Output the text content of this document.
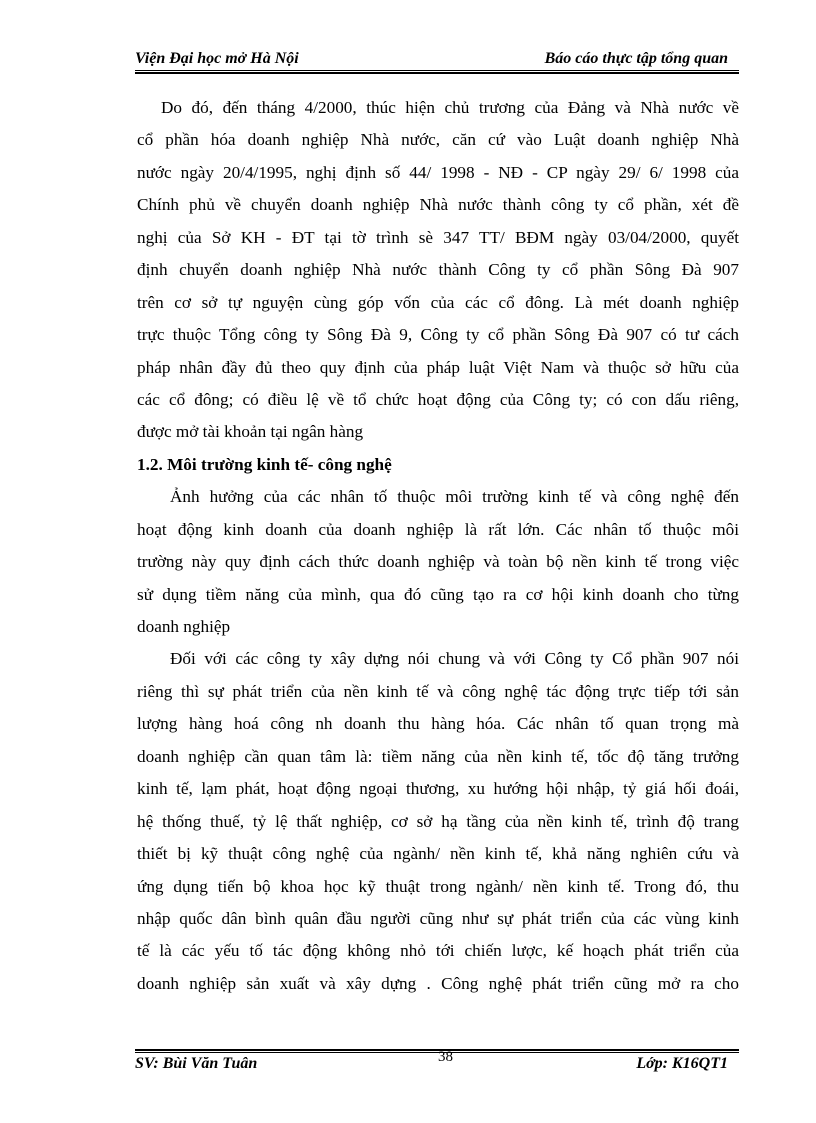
Viện Đại học mở Hà Nội	Báo cáo thực tập tổng quan
Do đó, đến tháng 4/2000, thúc hiện chủ trương của Đảng và Nhà nước về
cổ phần hóa doanh nghiệp Nhà nước, căn cứ vào Luật doanh nghiệp Nhà
nước ngày 20/4/1995, nghị định số 44/ 1998 - NĐ - CP ngày 29/ 6/ 1998 của
Chính phủ về chuyển doanh nghiệp Nhà nước thành công ty cổ phần, xét đề
nghị của Sở KH - ĐT tại tờ trình sè 347 TT/ BĐM ngày 03/04/2000, quyết
định chuyển doanh nghiệp Nhà nước thành Công ty cổ phần Sông Đà 907
trên cơ sở tự nguyện cùng góp vốn của các cổ đông. Là mét doanh nghiệp
trực thuộc Tổng công ty Sông Đà 9, Công ty cổ phần Sông Đà 907 có tư cách
pháp nhân đầy đủ theo quy định của pháp luật Việt Nam và thuộc sở hữu của
các cổ đông; có điều lệ về tổ chức hoạt động của Công ty; có con dấu riêng,
được mở tài khoản tại ngân hàng
1.2. Môi trường kinh tế- công nghệ
Ảnh hưởng của các nhân tố thuộc môi trường kinh tế và công nghệ đến
hoạt động kinh doanh của doanh nghiệp là rất lớn. Các nhân tố thuộc môi
trường này quy định cách thức doanh nghiệp và toàn bộ nền kinh tế trong việc
sử dụng tiềm năng của mình, qua đó cũng tạo ra cơ hội kinh doanh cho từng
doanh nghiệp
Đối với các công ty xây dựng nói chung và với Công ty Cổ phần 907 nói
riêng thì sự phát triển của nền kinh tế và công nghệ tác động trực tiếp tới sản
lượng hàng hoá công nh doanh thu hàng hóa. Các nhân tố quan trọng mà
doanh nghiệp cần quan tâm là: tiềm năng của nền kinh tế, tốc độ tăng trưởng
kinh tế, lạm phát, hoạt động ngoại thương, xu hướng hội nhập, tỷ giá hối đoái,
hệ thống thuế, tỷ lệ thất nghiệp, cơ sở hạ tầng của nền kinh tế, trình độ trang
thiết bị kỹ thuật công nghệ của ngành/ nền kinh tế, khả năng nghiên cứu và
ứng dụng tiến bộ khoa học kỹ thuật trong ngành/ nền kinh tế. Trong đó, thu
nhập quốc dân bình quân đầu người cũng như sự phát triển của các vùng kinh
tế là các yếu tố tác động không nhỏ tới chiến lược, kế hoạch phát triển của
doanh nghiệp sản xuất và xây dựng . Công nghệ phát triển cũng mở ra cho
SV: Bùi Văn Tuân	38	Lớp: K16QT1
